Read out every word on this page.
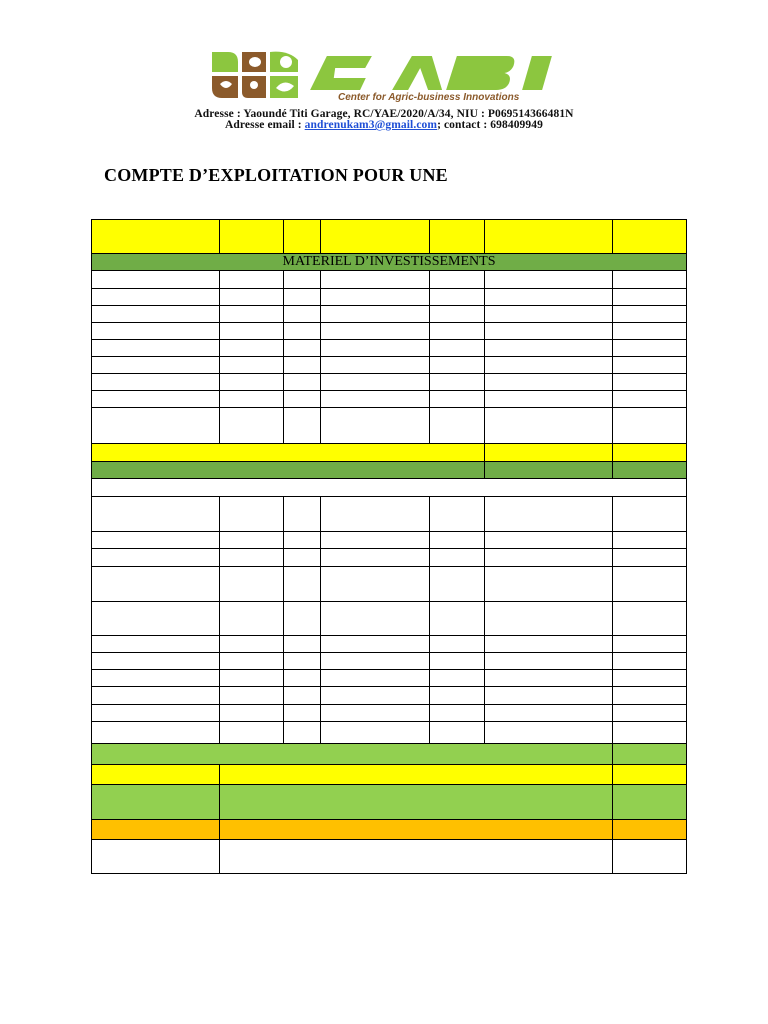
Center for Agric-business Innovations
Adresse : Yaoundé Titi Garage, RC/YAE/2020/A/34, NIU : P069514366481N
Adresse email : andrenukam3@gmail.com; contact : 698409949
COMPTE D’EXPLOITATION POUR UNE

MATERIEL D’INVESTISSEMENTS						
